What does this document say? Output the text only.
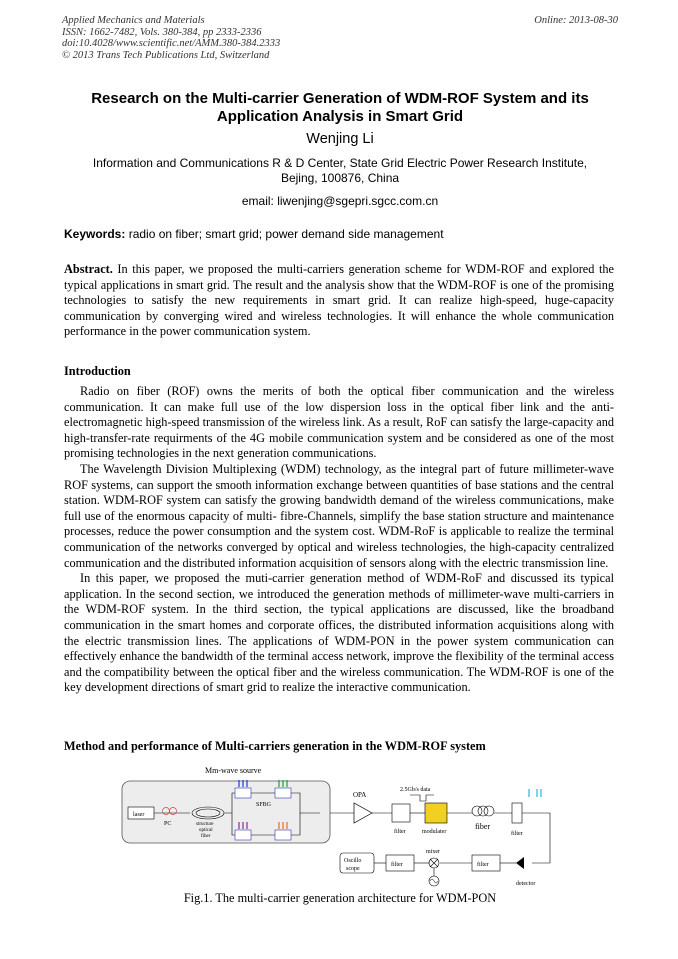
Applied Mechanics and Materials
ISSN: 1662-7482, Vols. 380-384, pp 2333-2336
doi:10.4028/www.scientific.net/AMM.380-384.2333
© 2013 Trans Tech Publications Ltd, Switzerland
Online: 2013-08-30
Research on the Multi-carrier Generation of WDM-ROF System and its
Application Analysis in Smart Grid
Wenjing Li
Information and Communications R & D Center, State Grid Electric Power Research Institute,
Bejing, 100876, China
email: liwenjing@sgepri.sgcc.com.cn
Keywords: radio on fiber; smart grid; power demand side management
Abstract. In this paper, we proposed the multi-carriers generation scheme for WDM-ROF and explored the typical applications in smart grid. The result and the analysis show that the WDM-ROF is one of the promising technologies to satisfy the new requirements in smart grid. It can realize high-speed, huge-capacity communication by converging wired and wireless technologies. It will enhance the whole communication performance in the power communication system.
Introduction

Radio on fiber (ROF) owns the merits of both the optical fiber communication and the wireless communication. It can make full use of the low dispersion loss in the optical fiber link and the anti-electromagnetic high-speed transmission of the wireless link. As a result, RoF can satisfy the large-capacity and high-transfer-rate requirments of the 4G mobile communication system and be considered as one of the most promising technologies in the next generation communications.

The Wavelength Division Multiplexing (WDM) technology, as the integral part of future millimeter-wave ROF systems, can support the smooth information exchange between quantities of base stations and the central station. WDM-ROF system can satisfy the growing bandwidth demand of the wireless communications, make full use of the enormous capacity of multi- fibre-Channels, simplify the base station structure and maintenance processes, reduce the power consumption and the system cost. WDM-RoF is applicable to realize the terminal communication of the networks converged by optical and wireless technologies, the high-capacity centralized communication and the distributed information acquisition of sensors along with the electric transmission line.

In this paper, we proposed the muti-carrier generation method of WDM-RoF and discussed its typical application. In the second section, we introduced the generation methods of millimeter-wave multi-carriers in the WDM-ROF system. In the third section, the typical applications are discussed, like the broadband communication in the smart homes and corporate offices, the distributed information acquisitions along with the electric transmission lines. The applications of WDM-PON in the power system communication can effectively enhance the bandwidth of the terminal access network, improve the flexibility of the terminal access and the compatibility between the optical fiber and the wireless communication. The WDM-ROF is one of the key development directions of smart grid to realize the interactive communication.

Method and performance of Multi-carriers generation in the WDM-ROF system
Mm-wave sourve
laser
PC	structure
optical
fiber
SFBG
OPA
filter
2.5Gb/s data
modulater
fiber
filter
detector
filter
mixer
filter
Oscillo
scope
Fig.1. The multi-carrier generation architecture for WDM-PON
